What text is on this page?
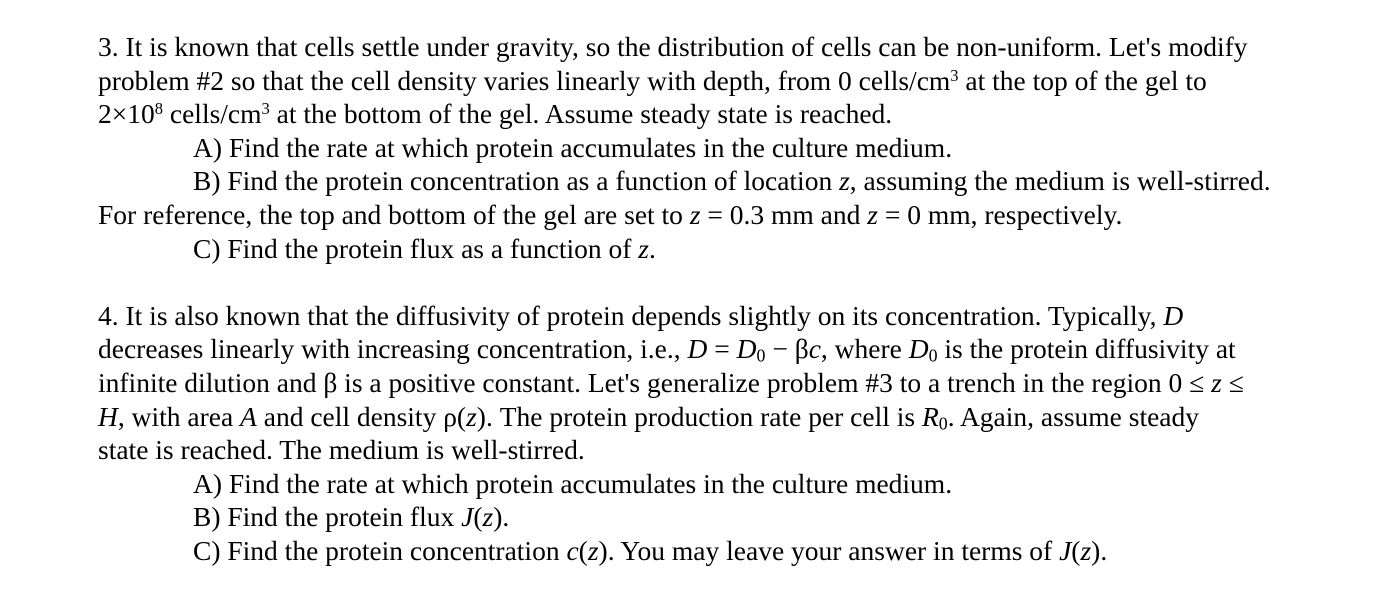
3. It is known that cells settle under gravity, so the distribution of cells can be non-uniform. Let's modify
problem #2 so that the cell density varies linearly with depth, from 0 cells/$cm^3$ at the top of the gel to
$2\times 10^8$ cells/$cm^3$ at the bottom of the gel. Assume steady state is reached.
A) Find the rate at which protein accumulates in the culture medium.
B) Find the protein concentration as a function of location z, assuming the medium is well-stirred.
For reference, the top and bottom of the gel are set to z = 0.3 mm and z = 0 mm, respectively.
C) Find the protein flux as a function of z.
4. It is also known that the diffusivity of protein depends slightly on its concentration. Typically, D
decreases linearly with increasing concentration, i.e., $D = D_0 - \beta c$, where $D_0$ is the protein diffusivity at
infinite dilution and β is a positive constant. Let's generalize problem #3 to a trench in the region 0 ≤ z ≤
H, with area A and cell density ρ(z). The protein production rate per cell is $R_0$. Again, assume steady
state is reached. The medium is well-stirred.
A) Find the rate at which protein accumulates in the culture medium.
B) Find the protein flux J(z).
C) Find the protein concentration c(z). You may leave your answer in terms of J(z).
